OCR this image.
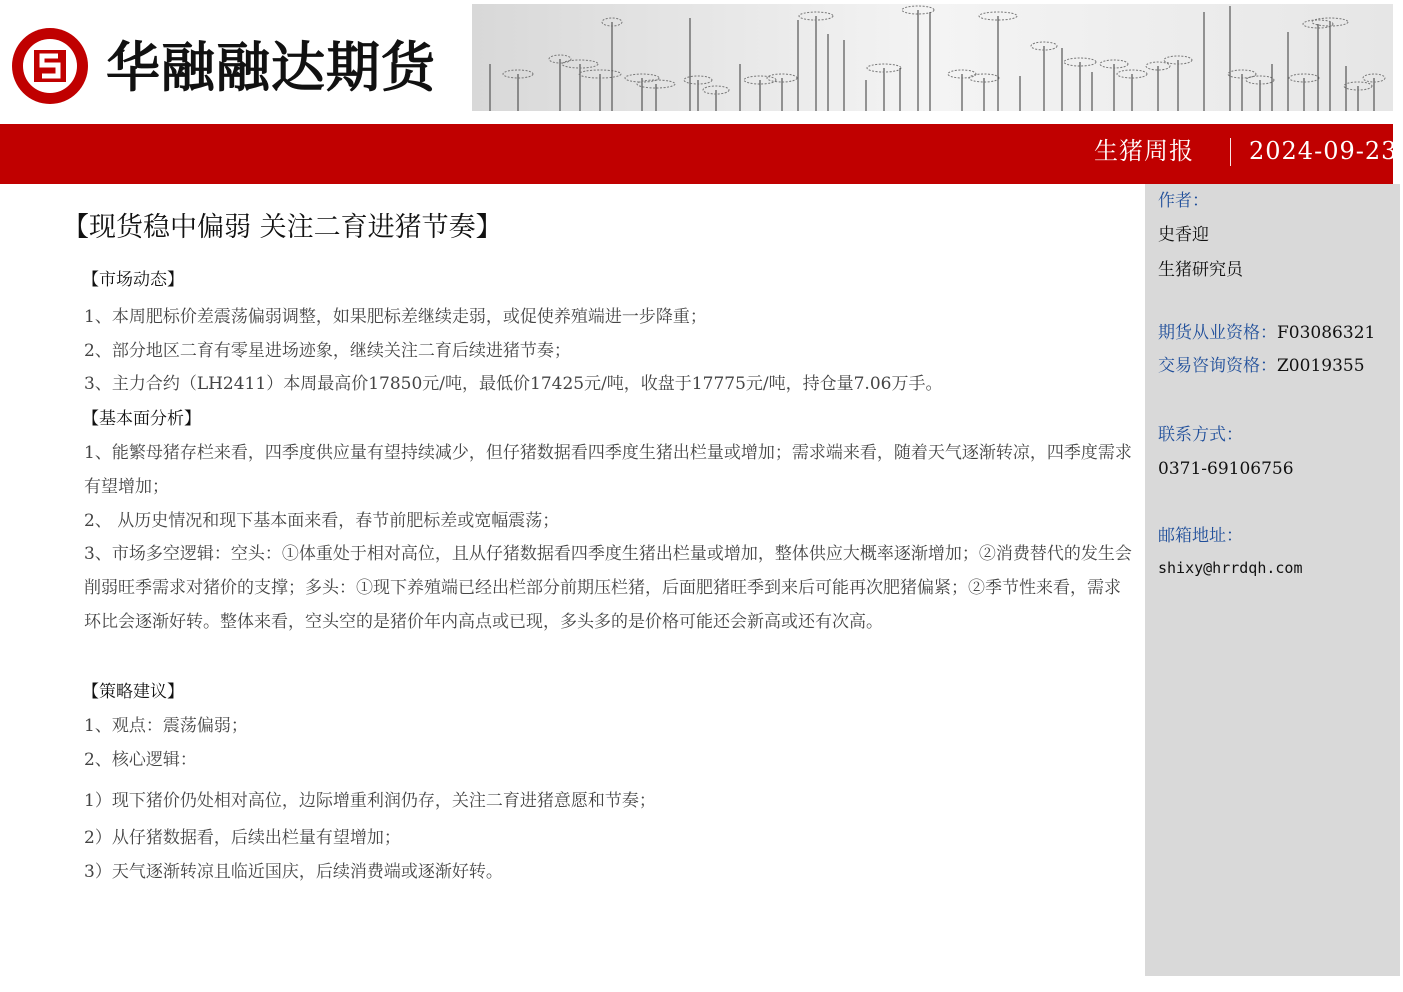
华融融达期货
生猪周报 2024-09-23
【现货稳中偏弱 关注二育进猪节奏】
【市场动态】

1、本周肥标价差震荡偏弱调整，如果肥标差继续走弱，或促使养殖端进一步降重；

2、部分地区二育有零星进场迹象，继续关注二育后续进猪节奏；

3、主力合约（LH2411）本周最高价17850元/吨，最低价17425元/吨，收盘于17775元/吨，持仓量7.06万手。

【基本面分析】

1、能繁母猪存栏来看，四季度供应量有望持续减少，但仔猪数据看四季度生猪出栏量或增加；需求端来看，随着天气逐渐转凉，四季度需求有望增加；

2、 从历史情况和现下基本面来看，春节前肥标差或宽幅震荡；

3、市场多空逻辑：空头：①体重处于相对高位，且从仔猪数据看四季度生猪出栏量或增加，整体供应大概率逐渐增加；②消费替代的发生会削弱旺季需求对猪价的支撑；多头：①现下养殖端已经出栏部分前期压栏猪，后面肥猪旺季到来后可能再次肥猪偏紧；②季节性来看，需求环比会逐渐好转。整体来看，空头空的是猪价年内高点或已现，多头多的是价格可能还会新高或还有次高。

【策略建议】

1、观点：震荡偏弱；

2、核心逻辑：

1）现下猪价仍处相对高位，边际增重利润仍存，关注二育进猪意愿和节奏；

2）从仔猪数据看，后续出栏量有望增加；

3）天气逐渐转凉且临近国庆，后续消费端或逐渐好转。

作者：
史香迎
生猪研究员
期货从业资格：F03086321
交易咨询资格：Z0019355
联系方式：
0371-69106756
邮箱地址：
shixy@hrrdqh.com
